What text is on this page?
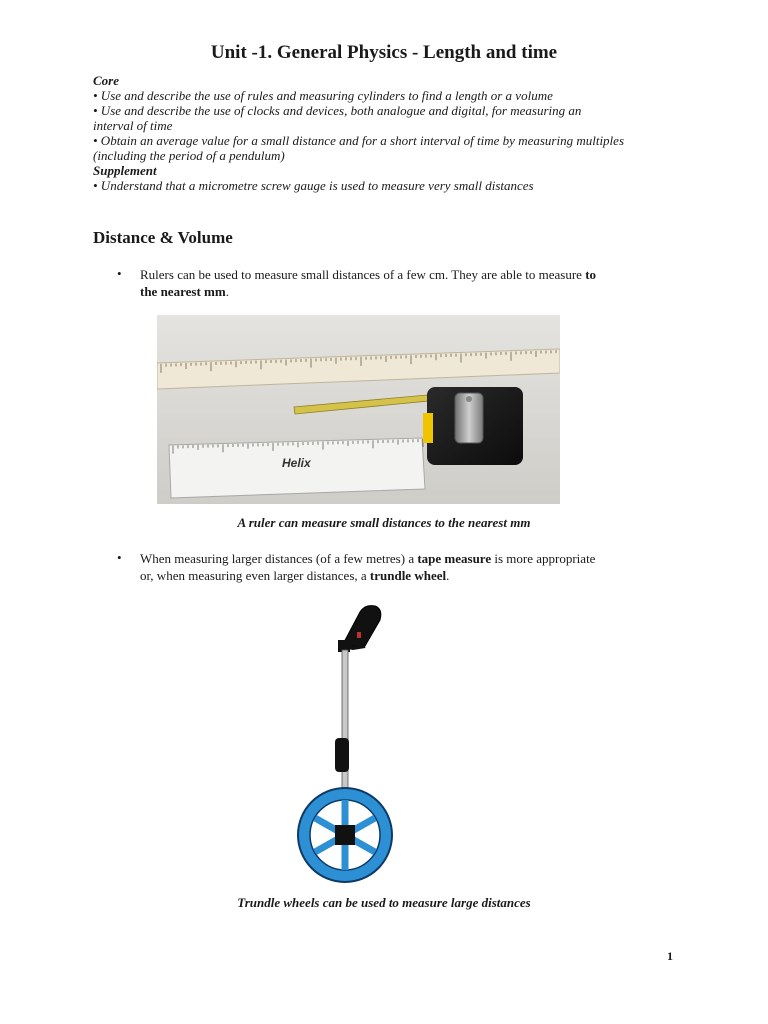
Unit -1. General Physics - Length and time
Core
• Use and describe the use of rules and measuring cylinders to find a length or a volume
• Use and describe the use of clocks and devices, both analogue and digital, for measuring an
interval of time
• Obtain an average value for a small distance and for a short interval of time by measuring multiples
(including the period of a pendulum)
Supplement
• Understand that a micrometre screw gauge is used to measure very small distances
Distance & Volume
• Rulers can be used to measure small distances of a few cm. They are able to measure to
the nearest mm.
Helix
A ruler can measure small distances to the nearest mm
• When measuring larger distances (of a few metres) a tape measure is more appropriate
or, when measuring even larger distances, a trundle wheel.
Trundle wheels can be used to measure large distances
1
